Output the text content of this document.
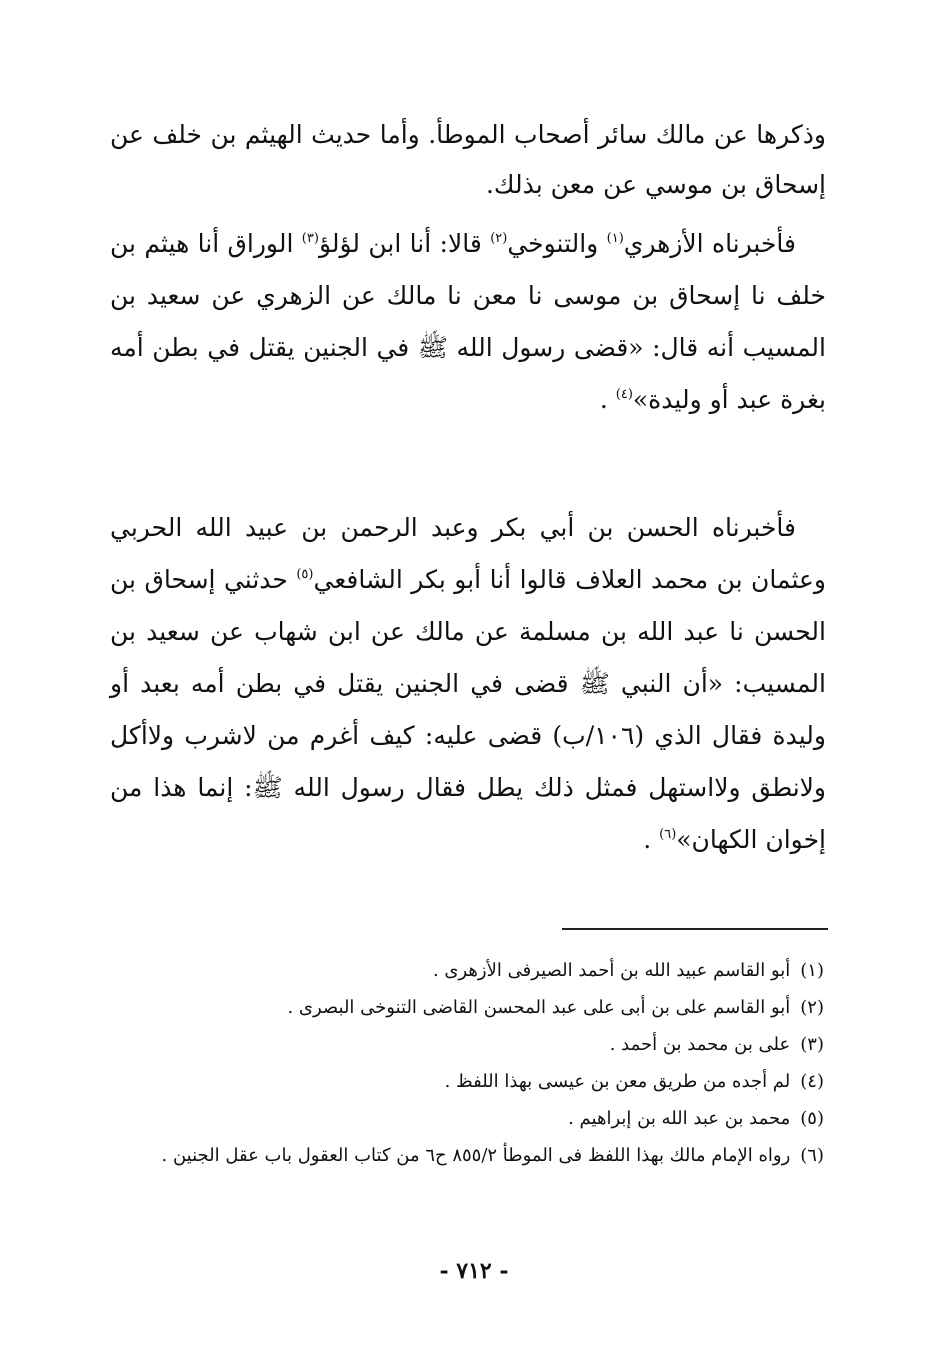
وذكرها عن مالك سائر أصحاب الموطأ. وأما حديث الهيثم بن خلف عن إسحاق بن موسي عن معن بذلك.

فأخبرناه الأزهري$^{(١)}$ والتنوخي$^{(٢)}$ قالا: أنا ابن لؤلؤ$^{(٣)}$ الوراق أنا هيثم بن خلف نا إسحاق بن موسى نا معن نا مالك عن الزهري عن سعيد بن المسيب أنه قال: «قضى رسول الله ﷺ في الجنين يقتل في بطن أمه بغرة عبد أو وليدة»$^{(٤)}$ .

فأخبرناه الحسن بن أبي بكر وعبد الرحمن بن عبيد الله الحربي وعثمان بن محمد العلاف قالوا أنا أبو بكر الشافعي$^{(٥)}$ حدثني إسحاق بن الحسن نا عبد الله بن مسلمة عن مالك عن ابن شهاب عن سعيد بن المسيب: «أن النبي ﷺ قضى في الجنين يقتل في بطن أمه بعبد أو وليدة فقال الذي (١٠٦/ب) قضى عليه: كيف أغرم من لاشرب ولاأكل ولانطق ولااستهل فمثل ذلك يطل فقال رسول الله ﷺ: إنما هذا من إخوان الكهان»$^{(٦)}$ .

(١)أبو القاسم عبيد الله بن أحمد الصيرفى الأزهرى .
(٢)أبو القاسم على بن أبى على عبد المحسن القاضى التنوخى البصرى .
(٣)على بن محمد بن أحمد .
(٤)لم أجده من طريق معن بن عيسى بهذا اللفظ .
(٥)محمد بن عبد الله بن إبراهيم .
(٦)رواه الإمام مالك بهذا اللفظ فى الموطأ ٨٥٥/٢ ح٦ من كتاب العقول باب عقل الجنين .
- ٧١٢ -
